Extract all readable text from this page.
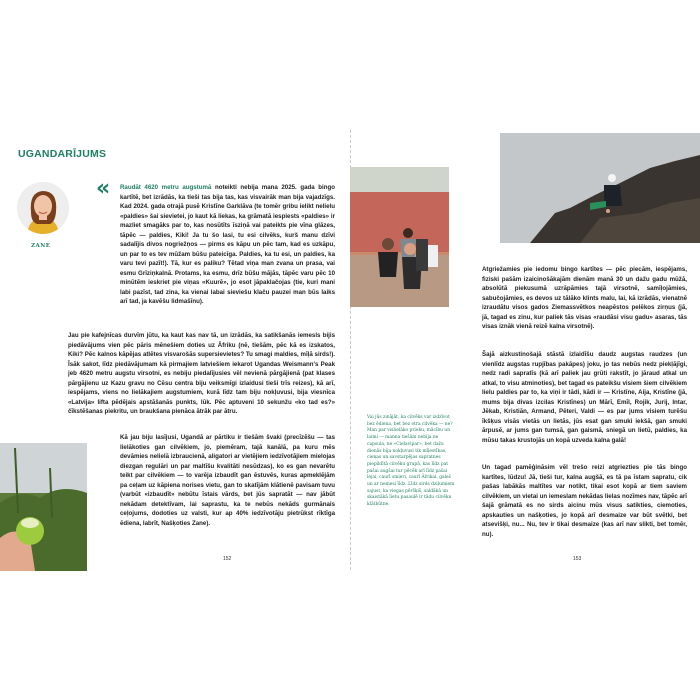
UGANDARĪJUMS
ZANE
« Raudāt 4620 metru augstumā noteikti nebija mana 2025. gada bingo kartītē, bet izrādās, ka tieši tas bija tas, kas visvairāk man bija vajadzīgs. Kad 2024. gada otrajā pusē Kristīne Garklāva (te tomēr gribu ielikt nelielu «paldies» šai sievietei, jo kaut kā liekas, ka grāmatā iespiests «paldies» ir mazliet smagāks par to, kas nosūtīts īsziņā vai pateikts pie vīna glāzes, tāpēc — paldies, Kiki! Ja tu šo lasi, tu esi cilvēks, kurš manu dzīvi sadalījis divos nogriežņos — pirms es kāpu un pēc tam, kad es uzkāpu, un par to es tev mūžam būšu pateicīga. Paldies, ka tu esi, un paldies, ka varu tevi pazīt!). Tā, kur es paliku? Tētad viņa man zvana un prasa, vai esmu Grīziņkalnā. Protams, ka esmu, drīz būšu mājās, tāpēc varu pēc 10 minūtēm ieskriet pie viņas «Kuurē», jo esot jāpaklačojas (tie, kuri mani labi pazīst, tad zina, ka vienai labai sieviešu klaču pauzei man būs laiks arī tad, ja kavēšu lidmašīnu).
Jau pie kafejnīcas durvīm jūtu, ka kaut kas nav tā, un izrādās, ka satikšanās iemesls bijis piedāvājums vien pēc pāris mēnešiem doties uz Āfriku (nē, tiešām, pēc kā es izskatos, Kiki? Pēc kalnos kāpējas atlētes visvarošās supersievietes? Tu smagi maldies, mīļā sirds!). Īsāk sakot, līdz piedāvājumam kā pirmajiem latviešiem iekarot Ugandas Weismann's Peak jeb 4620 metru augstu virsotni, es nebiju piedalījusies vēl nevienā pārgājienā (pat klases pārgājienu uz Kazu gravu no Cēsu centra biju veiksmīgi izlaidusi tieši trīs reizes), kā arī, iespējams, viens no lielākajiem augstumiem, kurā līdz tam biju nokļuvusi, bija viesnīca «Latvija» lifta pēdējais apstāšanās punkts, lūk. Pēc aptuveni 10 sekunžu «ko tad es?» čīkstēšanas piekritu, un braukšana pienāca ātrāk par ātru.
Kā jau biju lasījusi, Ugandā ar pārtiku ir tiešām švaki (precīzēšu — tas lielākoties gan cilvēkiem, jo, piemēram, tajā kanālā, pa kuru mēs devāmies nelielā izbraucienā, aligatori ar vietējiem iedzīvotājiem mielojas diezgan regulāri un par maltīšu kvalitāti nesūdzas), ko es gan nevarētu teikt par cilvēkiem — to varēja izbaudīt gan ēstuvēs, kuras apmeklējām pa ceļam uz kāpiena norises vietu, gan to skatījām klātienē pavisam tuvu (varbūt «izbaudīt» nebūtu īstais vārds, bet jūs sapratāt — nav jābūt nekādam detektīvam, lai saprastu, ka te nebūs nekāds gurmānais ceļojums, dodoties uz valsti, kur ap 40% iedzīvotāju pietrūkst rīktīga ēdiena, labrīt, Našķoties Zane).
152
Vai jūs zinājāt, ka cilvēks var izdzīvot bez ēdiena, bet bez otra cilvēka — ne? Man par vislielāko prieku, mācību un laimi — manna tiešām nebija ne capsula, ne «Cielavipar», bet dažu dienās bija nokļuvusi tik mīļestības, cieņas un savstarpējas sapratnes piepildītā cilvēku grupā, kas līdz pat pašai augšai tur pēcēk arī līdz pašai lejai, caurī smieri, caurī Āfrikai, galeš un ar nemesi līdz. Līdz sirds dziļumiem sajust, ka viegas pēršķiš, saldākā un skaistākā lietu pasaulē ir tādu cilvēku klātbūtne.
Atgriežamies pie iedomu bingo kartītes — pēc piecām, iespējams, fiziski pašām izaicinošākajām dienām manā 30 un dažu gadu mūžā, absolūtā piekusumā uzrāpāmies tajā virsotnē, samīļojāmies, sabučojāmies, es devos uz tālāko klints malu, lai, kā izrādās, vienatnē izraudātu visos gados Ziemassvētkos neapēstos pelēkos zirņus (jā, jā, tagad es zinu, kur paliek tās visas «raudāsi visu gadu» asaras, tās visas iznāk vienā reizē kalna virsotnē).
Šajā aizkustinošajā stāstā izlaidīšu daudz augstas raudzes (un vienlīdz augstas rupjības pakāpes) joku, jo tas nebūs nedz piekļājīgi, nedz radi sapratīs (kā arī paliek jau grūti rakstīt, jo jāraud atkal un atkal, to visu atminoties), bet tagad es pateikšu visiem šiem cilvēkiem lielu paldies par to, ka viņi ir tādi, kādi ir — Kristīne, Aija, Kristīne (jā, mums bija divas izcilas Kristīnes) un Mārī, Emīl, Rojik, Jurij, Intar, Jēkab, Kristiān, Armand, Pēteri, Valdi — es par jums visiem turēšu īkšķus visās vietās un lietās, jūs esat gan smuki iekšā, gan smuki ārpusē, ar jums gan tumsā, gan gaismā, sniegā un lietū, paldies, ka mūsu takas krustojās un kopā uzveda kalna galā!
Un tagad pamēģināsim vēl trešo reizi atgriezties pie tās bingo kartītes, lūdzu! Jā, tieši tur, kalna augšā, es tā pa īstam sapratu, cik pašas labākās maltītes var notikt, tikai esot kopā ar tiem saviem cilvēkiem, un vietai un iemeslam nekādas lielas nozīmes nav, tāpēc arī šajā grāmatā es no sirds aicinu mūs visus satikties, ciemoties, apskauties un našķoties, jo kopā arī desmaize var būt svētki, bet atsevišķi, nu... Nu, tev ir tikai desmaize (kas arī nav slikti, bet tomēr, nu).
153
